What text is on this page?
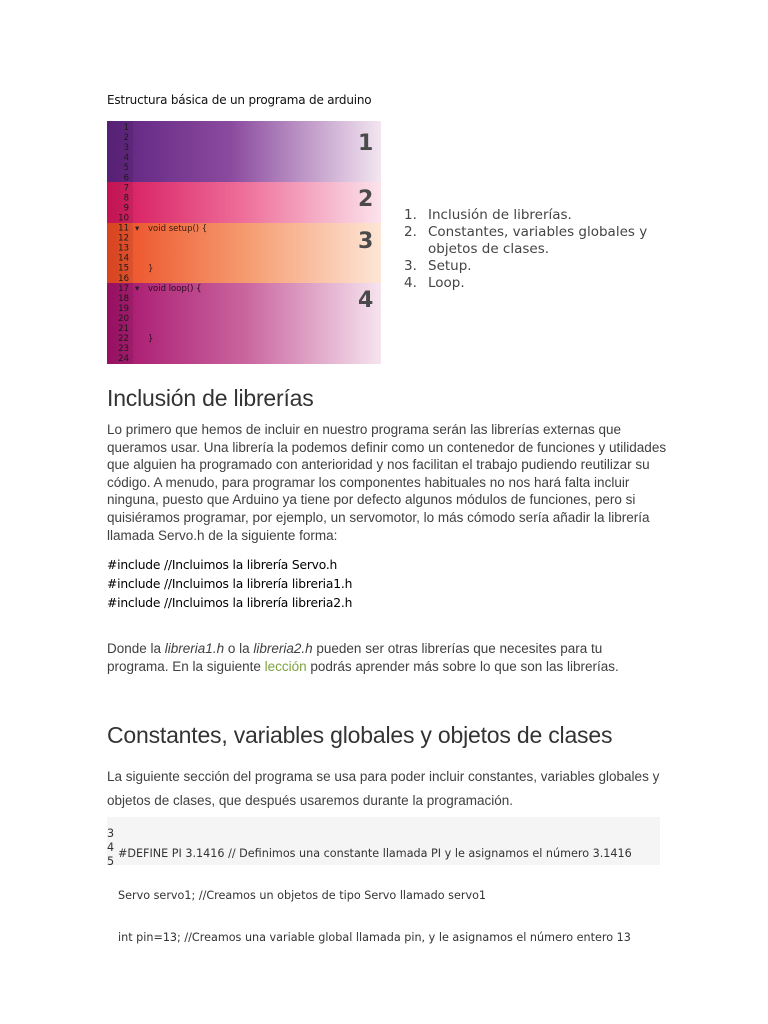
Estructura básica de un programa de arduino
1
2
3
4
5
6
7
8
9
10
11
12
13
14
15
16
17
18
19
20
21
22
23
24
▾ void setup() {
}
▾ void loop() {
}
1
2
3
4
1. Inclusión de librerías.
2. Constantes, variables globales y objetos de clases.
3. Setup.
4. Loop.
Inclusión de librerías

Lo primero que hemos de incluir en nuestro programa serán las librerías externas que queramos usar. Una librería la podemos definir como un contenedor de funciones y utilidades que alguien ha programado con anterioridad y nos facilitan el trabajo pudiendo reutilizar su código. A menudo, para programar los componentes habituales no nos hará falta incluir ninguna, puesto que Arduino ya tiene por defecto algunos módulos de funciones, pero si quisiéramos programar, por ejemplo, un servomotor, lo más cómodo sería añadir la librería llamada Servo.h de la siguiente forma:

#include //Incluimos la librería Servo.h
#include //Incluimos la librería libreria1.h
#include //Incluimos la librería libreria2.h

Donde la libreria1.h o la libreria2.h pueden ser otras librerías que necesites para tu programa. En la siguiente lección podrás aprender más sobre lo que son las librerías.

Constantes, variables globales y objetos de clases

La siguiente sección del programa se usa para poder incluir constantes, variables globales y objetos de clases, que después usaremos durante la programación.

3
4
5

#DEFINE PI 3.1416 // Definimos una constante llamada PI y le asignamos el número 3.1416

Servo servo1; //Creamos un objetos de tipo Servo llamado servo1

int pin=13; //Creamos una variable global llamada pin, y le asignamos el número entero 13
